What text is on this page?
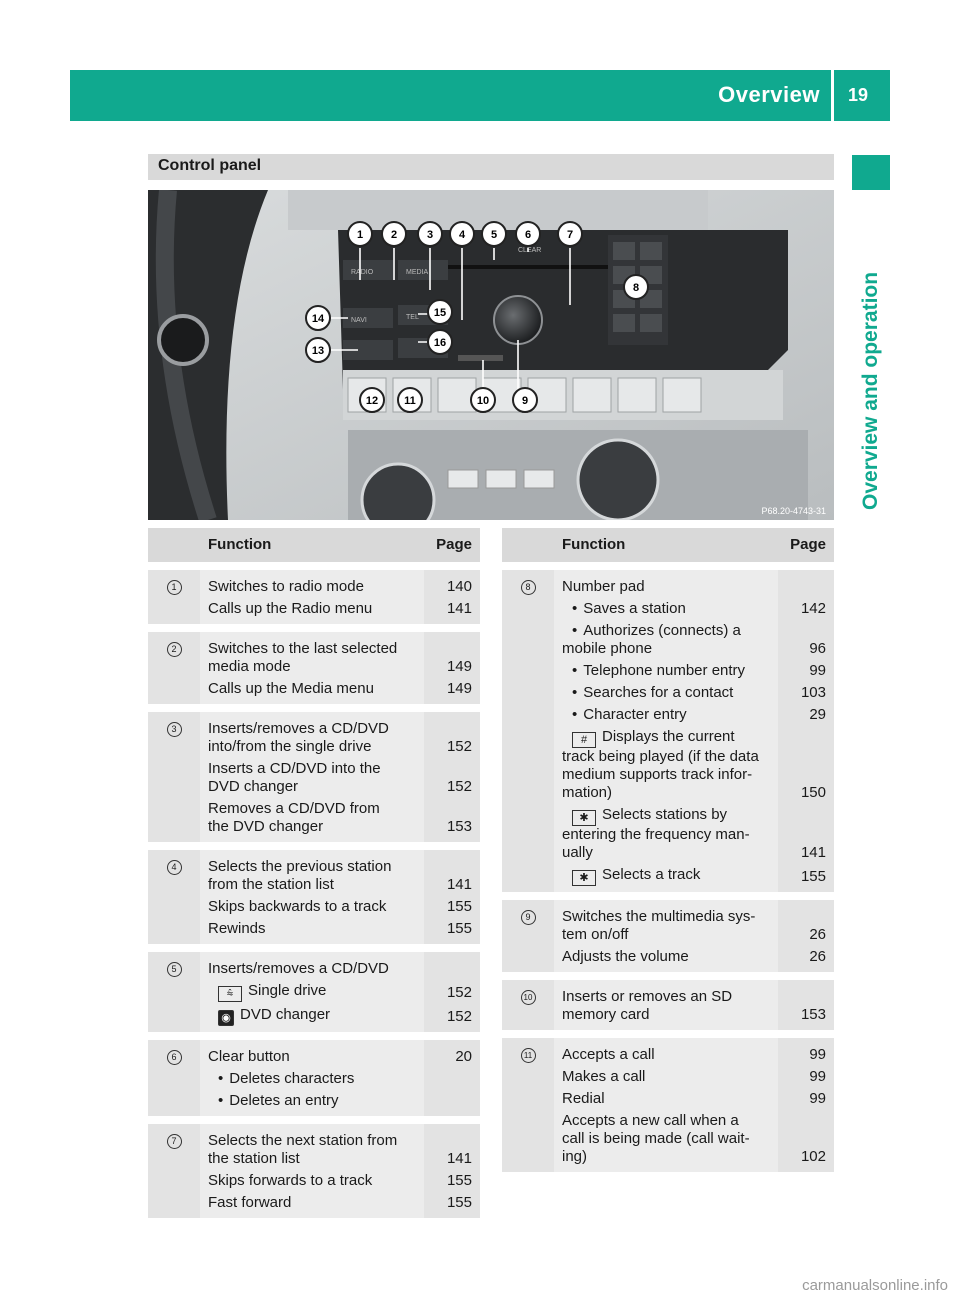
Overview 19
Overview and operation
Control panel
RADIO	MEDIA
NAVI	TEL
CLEAR
1	2	3 4 5	6	7
8
9
10
11
12
13
14	15
16
P68.20-4743-31
Function	Page
1	Switches to radio mode	140
Calls up the Radio menu	141
2	Switches to the last selected
media mode	149
Calls up the Media menu	149
3	Inserts/removes a CD/DVD
into/from the single drive	152
Inserts a CD/DVD into the
DVD changer	152
Removes a CD/DVD from
the DVD changer	153
4	Selects the previous station
from the station list	141
Skips backwards to a track	155
Rewinds	155
5	Inserts/removes a CD/DVD
⩯ Single drive	152
◉ DVD changer	152
6	Clear button	20
• Deletes characters
• Deletes an entry
7	Selects the next station from
the station list	141
Skips forwards to a track	155
Fast forward	155
Function	Page
8	Number pad
• Saves a station	142
• Authorizes (connects) a
mobile phone	96
• Telephone number entry	99
• Searches for a contact	103
• Character entry	29
# Displays the current
track being played (if the data
medium supports track infor-
mation)	150
✱ Selects stations by
entering the frequency man-
ually	141
✱ Selects a track	155
9	Switches the multimedia sys-
tem on/off	26
Adjusts the volume	26
10	Inserts or removes an SD
memory card	153
11	Accepts a call	99
Makes a call	99
Redial	99
Accepts a new call when a
call is being made (call wait-
ing)	102
carmanualsonline.info
